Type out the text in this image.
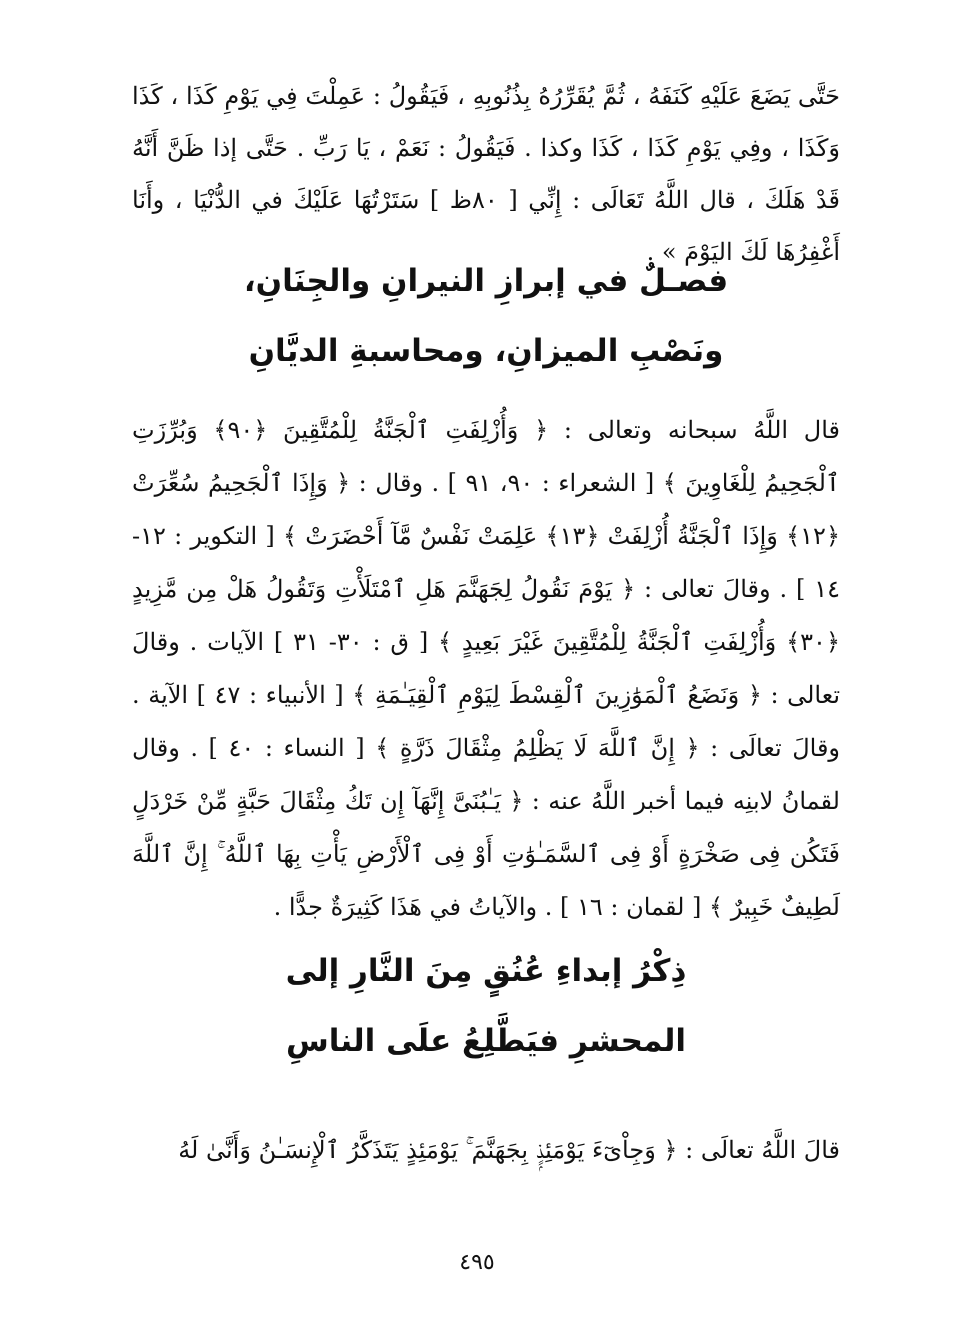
حَتَّى يَضَعَ عَلَيْهِ كَنَفَهُ ، ثُمَّ يُقَرِّرُهُ بِذُنُوبِهِ ، فَيَقُولُ : عَمِلْتَ فِي يَوْمِ كَذَا ، كَذَا وَكَذَا ، وفِي يَوْمِ كَذَا ، كَذَا وكذا . فَيَقُولُ : نَعَمْ ، يَا رَبِّ . حَتَّى إذا ظَنَّ أَنَّهُ قَدْ هَلَكَ ، قال اللَّهُ تَعَالَى : إِنِّي [ ٨٠ظ ] سَتَرْتُهَا عَلَيْكَ في الدُّنْيَا ، وأَنَا أَغْفِرُهَا لَكَ اليَوْمَ » .

فصـلٌ في إبرازِ النيرانِ والجِنَانِ،
ونَصْبِ الميزانِ، ومحاسبةِ الديَّانِ

قال اللَّهُ سبحانه وتعالى : ﴿ وَأُزْلِفَتِ ٱلْجَنَّةُ لِلْمُتَّقِينَ ﴿٩٠﴾ وَبُرِّزَتِ ٱلْجَحِيمُ لِلْغَاوِينَ ﴾ [ الشعراء : ٩٠، ٩١ ] . وقال : ﴿ وَإِذَا ٱلْجَحِيمُ سُعِّرَتْ ﴿١٢﴾ وَإِذَا ٱلْجَنَّةُ أُزْلِفَتْ ﴿١٣﴾ عَلِمَتْ نَفْسٌ مَّآ أَحْضَرَتْ ﴾ [ التكوير : ١٢- ١٤ ] . وقالَ تعالى : ﴿ يَوْمَ نَقُولُ لِجَهَنَّمَ هَلِ ٱمْتَلَأْتِ وَتَقُولُ هَلْ مِن مَّزِيدٍ ﴿٣٠﴾ وَأُزْلِفَتِ ٱلْجَنَّةُ لِلْمُتَّقِينَ غَيْرَ بَعِيدٍ ﴾ [ ق : ٣٠- ٣١ ] الآيات . وقالَ تعالى : ﴿ وَنَضَعُ ٱلْمَوَٰزِينَ ٱلْقِسْطَ لِيَوْمِ ٱلْقِيَـٰمَةِ ﴾ [ الأنبياء : ٤٧ ] الآية . وقالَ تعالَى : ﴿ إِنَّ ٱللَّهَ لَا يَظْلِمُ مِثْقَالَ ذَرَّةٍ ﴾ [ النساء : ٤٠ ] . وقال لقمانُ لابنِه فيما أخبر اللَّهُ عنه : ﴿ يَـٰبُنَىَّ إِنَّهَآ إِن تَكُ مِثْقَالَ حَبَّةٍ مِّنْ خَرْدَلٍ فَتَكُن فِى صَخْرَةٍ أَوْ فِى ٱلسَّمَـٰوَٰتِ أَوْ فِى ٱلْأَرْضِ يَأْتِ بِهَا ٱللَّهُ ۚ إِنَّ ٱللَّهَ لَطِيفٌ خَبِيرٌ ﴾ [ لقمان : ١٦ ] . والآياتُ في هَذَا كَثِيرَةٌ جدًّا .

ذِكْرُ إبداءِ عُنُقٍ مِنَ النَّارِ إلى
المحشرِ فيَطَّلِعُ علَى الناسِ

قالَ اللَّهُ تعالَى : ﴿ وَجِاْىٓءَ يَوْمَئِذٍۭ بِجَهَنَّمَ ۚ يَوْمَئِذٍ يَتَذَكَّرُ ٱلْإِنسَـٰنُ وَأَنَّىٰ لَهُ

٤٩٥
